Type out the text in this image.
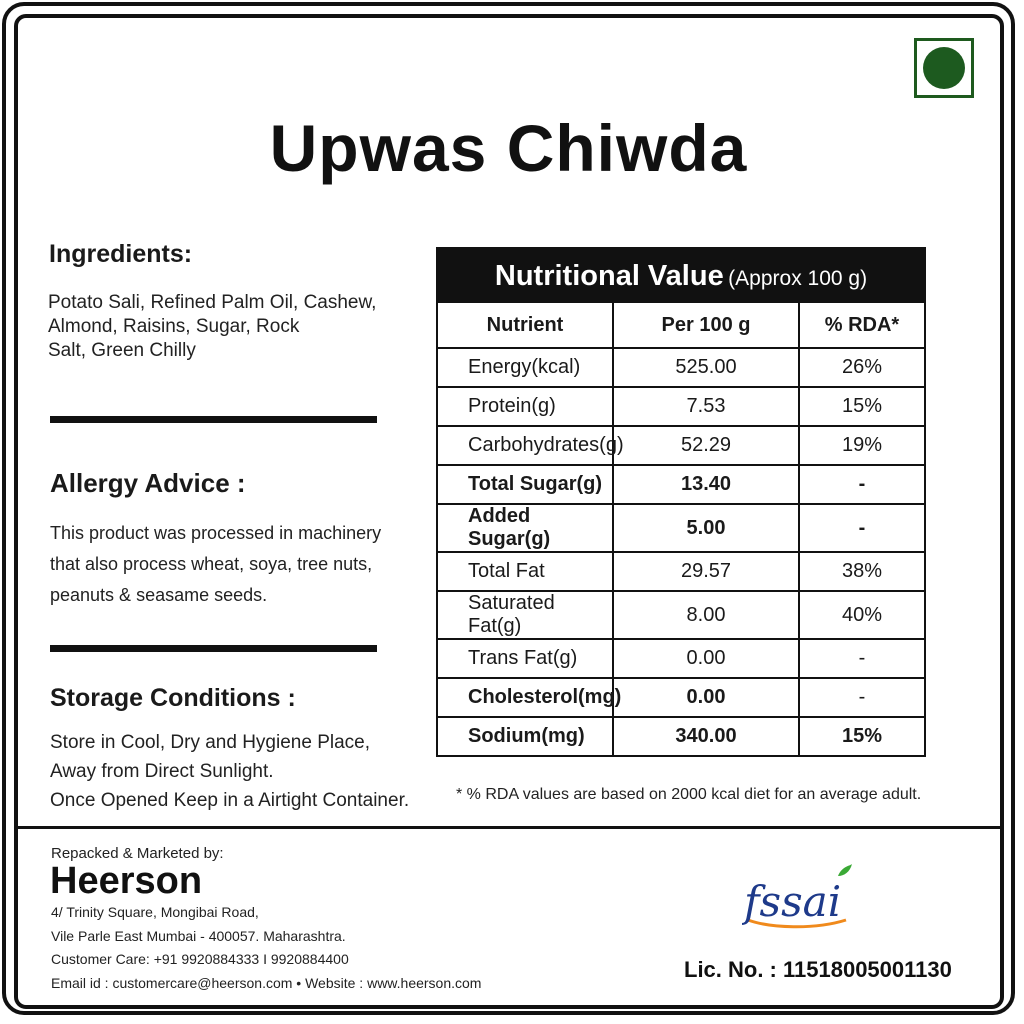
Upwas Chiwda
Ingredients:
Potato Sali, Refined Palm Oil, Cashew,
Almond, Raisins, Sugar, Rock
Salt, Green Chilly
Allergy Advice :
This product was processed in machinery
that also process wheat, soya, tree nuts,
peanuts & seasame seeds.
Storage Conditions :
Store in Cool, Dry and Hygiene Place,
Away from Direct Sunlight.
Once Opened Keep in a Airtight Container.
Nutritional Value (Approx 100 g)
Nutrient	Per 100 g	% RDA*
Energy(kcal)	525.00	26%
Protein(g)	7.53	15%
Carbohydrates(g)	52.29	19%
Total Sugar(g)	13.40	-
Added Sugar(g)	5.00	-
Total Fat	29.57	38%
Saturated Fat(g)	8.00	40%
Trans Fat(g)	0.00	-
Cholesterol(mg)	0.00	-
Sodium(mg)	340.00	15%
* % RDA values are based on 2000 kcal diet for an average adult.
Repacked & Marketed by:
Heerson
4/ Trinity Square, Mongibai Road,
Vile Parle East Mumbai - 400057. Maharashtra.
Customer Care: +91 9920884333 I 9920884400
Email id : customercare@heerson.com • Website : www.heerson.com
fssai
Lic. No. : 11518005001130
